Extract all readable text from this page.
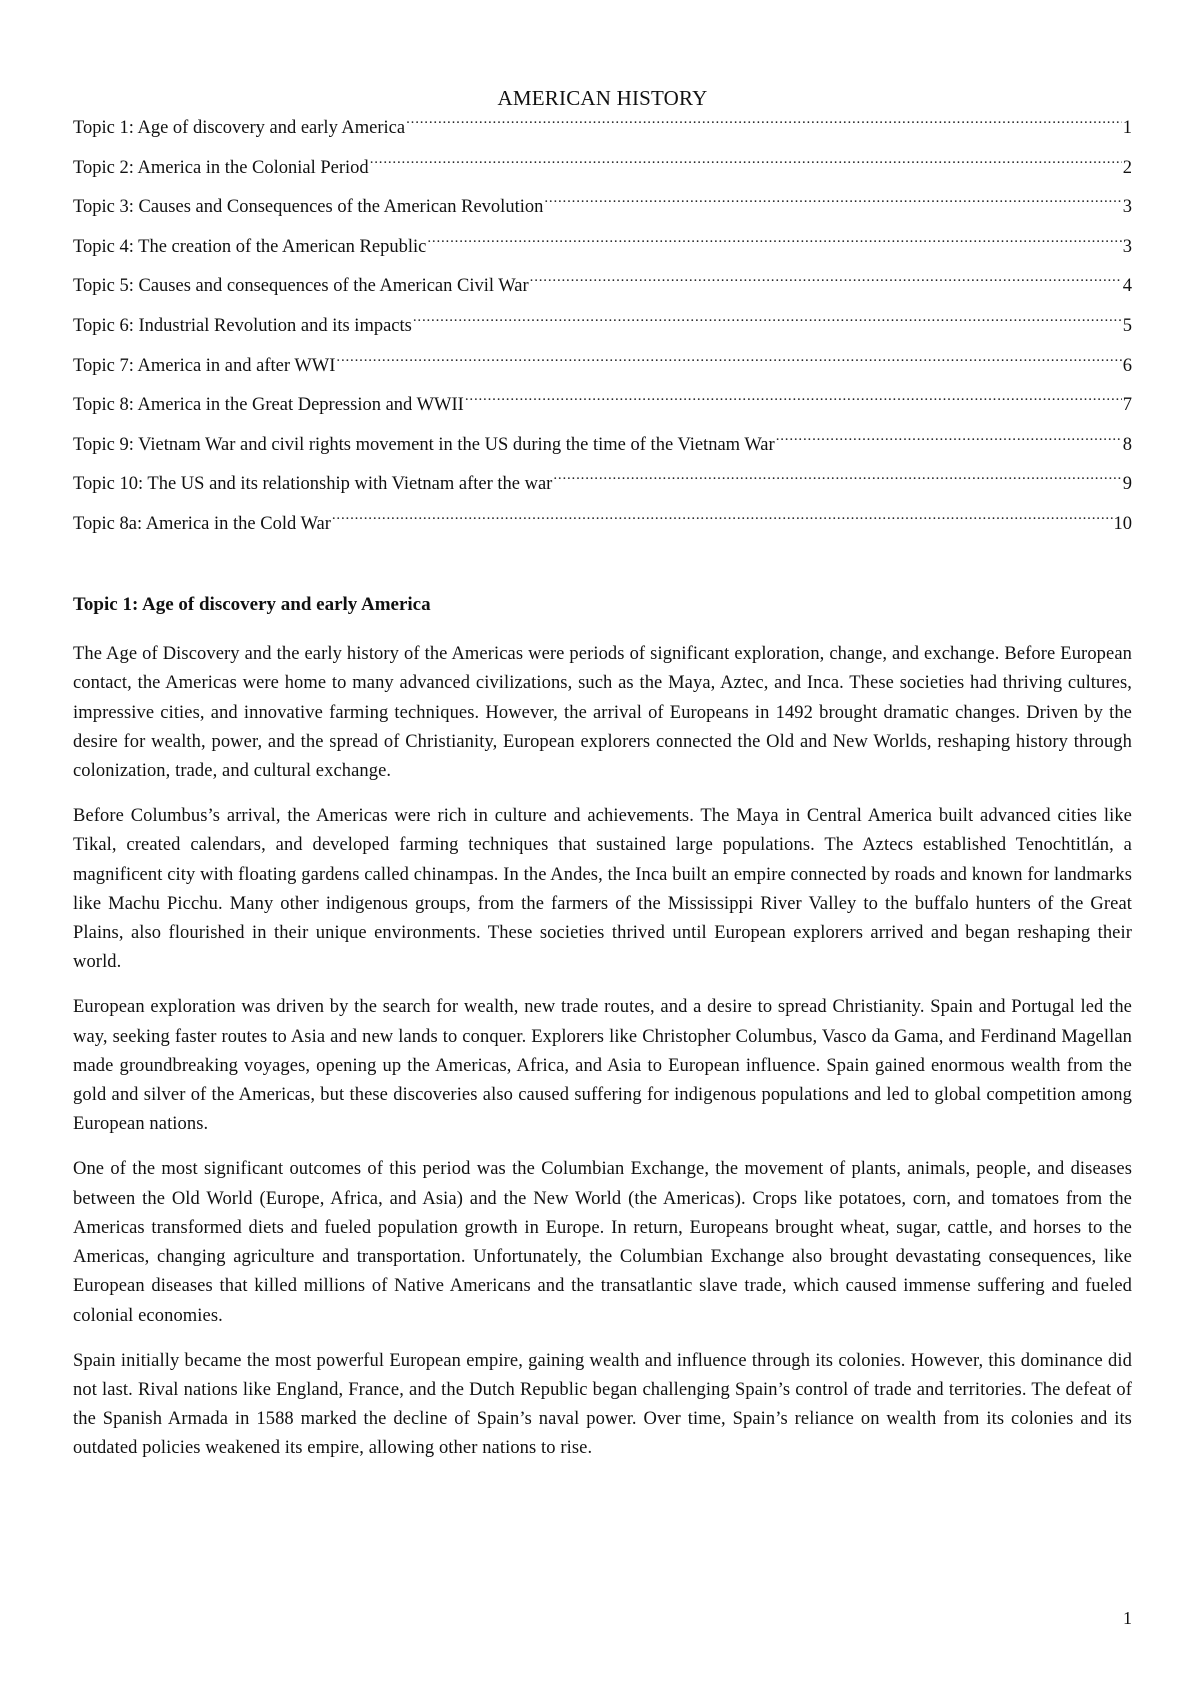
AMERICAN HISTORY
Topic 1: Age of discovery and early America .....	1
Topic 2: America in the Colonial Period .....	2
Topic 3: Causes and Consequences of the American Revolution .....	3
Topic 4: The creation of the American Republic .....	3
Topic 5: Causes and consequences of the American Civil War .....	4
Topic 6: Industrial Revolution and its impacts .....	5
Topic 7: America in and after WWI .....	6
Topic 8: America in the Great Depression and WWII .....	7
Topic 9: Vietnam War and civil rights movement in the US during the time of the Vietnam War .....	8
Topic 10: The US and its relationship with Vietnam after the war .....	9
Topic 8a: America in the Cold War .....	10
Topic 1: Age of discovery and early America

The Age of Discovery and the early history of the Americas were periods of significant exploration, change, and exchange. Before European contact, the Americas were home to many advanced civilizations, such as the Maya, Aztec, and Inca. These societies had thriving cultures, impressive cities, and innovative farming techniques. However, the arrival of Europeans in 1492 brought dramatic changes. Driven by the desire for wealth, power, and the spread of Christianity, European explorers connected the Old and New Worlds, reshaping history through colonization, trade, and cultural exchange.

Before Columbus’s arrival, the Americas were rich in culture and achievements. The Maya in Central America built advanced cities like Tikal, created calendars, and developed farming techniques that sustained large populations. The Aztecs established Tenochtitlán, a magnificent city with floating gardens called chinampas. In the Andes, the Inca built an empire connected by roads and known for landmarks like Machu Picchu. Many other indigenous groups, from the farmers of the Mississippi River Valley to the buffalo hunters of the Great Plains, also flourished in their unique environments. These societies thrived until European explorers arrived and began reshaping their world.

European exploration was driven by the search for wealth, new trade routes, and a desire to spread Christianity. Spain and Portugal led the way, seeking faster routes to Asia and new lands to conquer. Explorers like Christopher Columbus, Vasco da Gama, and Ferdinand Magellan made groundbreaking voyages, opening up the Americas, Africa, and Asia to European influence. Spain gained enormous wealth from the gold and silver of the Americas, but these discoveries also caused suffering for indigenous populations and led to global competition among European nations.

One of the most significant outcomes of this period was the Columbian Exchange, the movement of plants, animals, people, and diseases between the Old World (Europe, Africa, and Asia) and the New World (the Americas). Crops like potatoes, corn, and tomatoes from the Americas transformed diets and fueled population growth in Europe. In return, Europeans brought wheat, sugar, cattle, and horses to the Americas, changing agriculture and transportation. Unfortunately, the Columbian Exchange also brought devastating consequences, like European diseases that killed millions of Native Americans and the transatlantic slave trade, which caused immense suffering and fueled colonial economies.

Spain initially became the most powerful European empire, gaining wealth and influence through its colonies. However, this dominance did not last. Rival nations like England, France, and the Dutch Republic began challenging Spain’s control of trade and territories. The defeat of the Spanish Armada in 1588 marked the decline of Spain’s naval power. Over time, Spain’s reliance on wealth from its colonies and its outdated policies weakened its empire, allowing other nations to rise.

1
